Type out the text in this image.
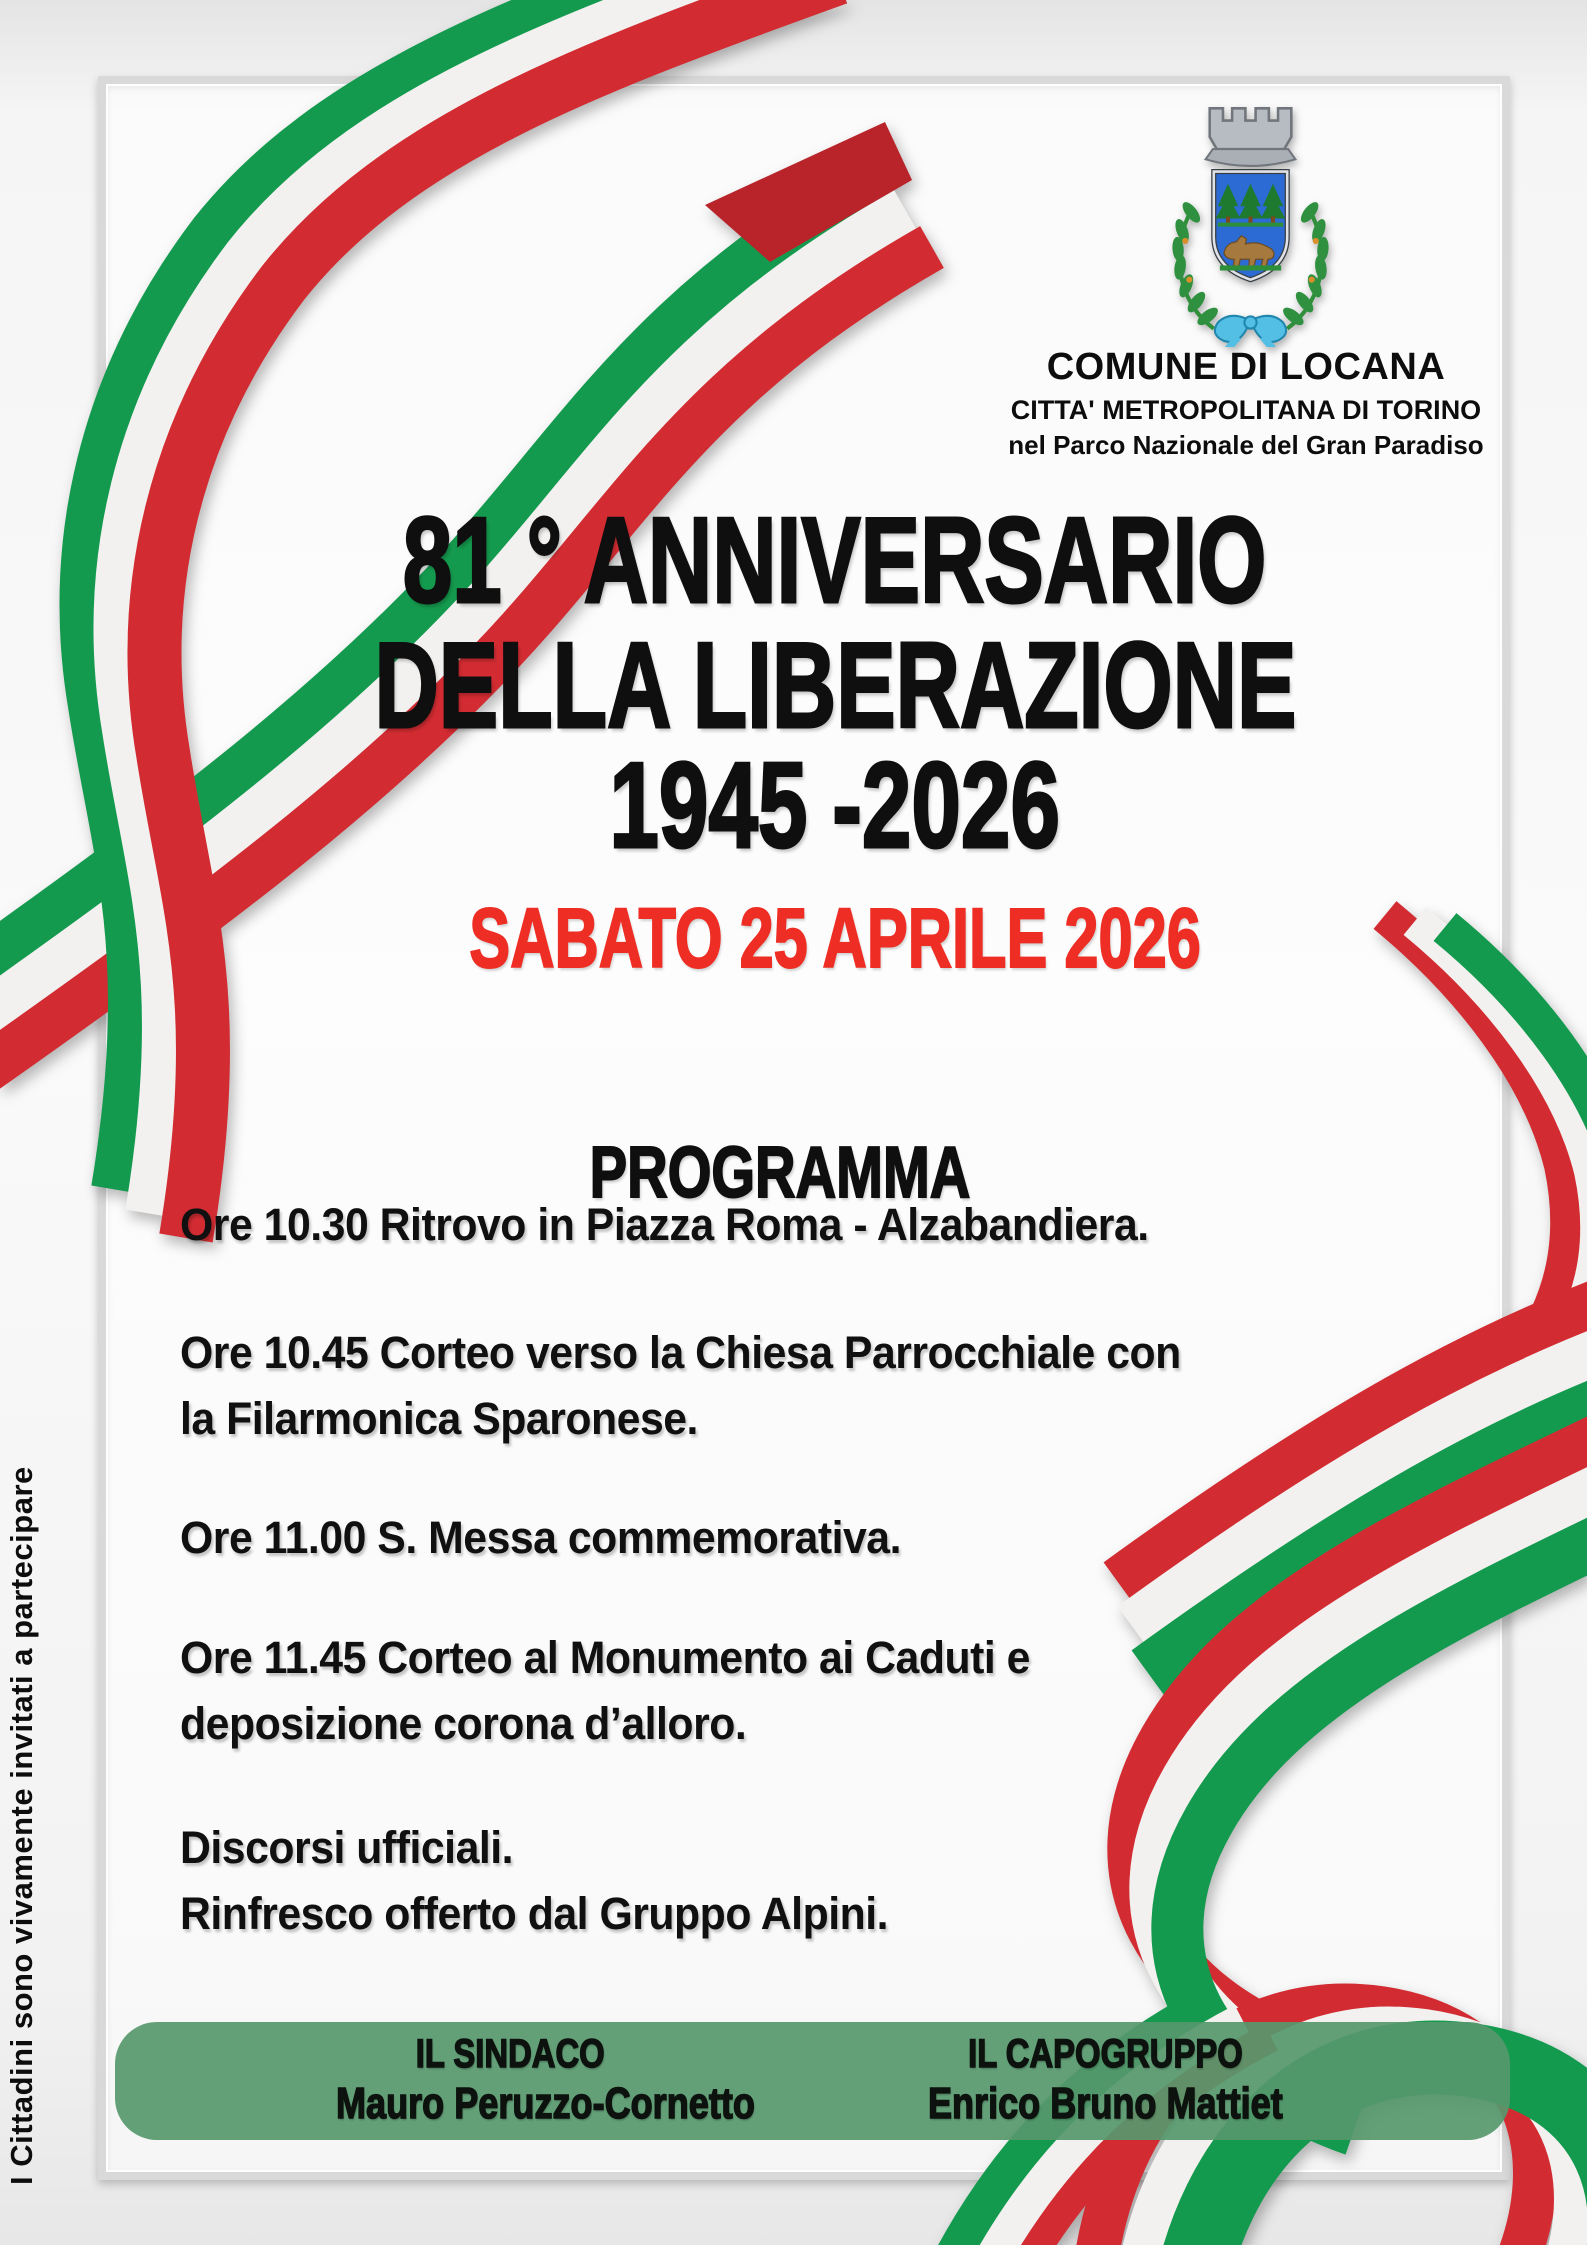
COMUNE DI LOCANA
CITTA' METROPOLITANA DI TORINO
nel Parco Nazionale del Gran Paradiso
81 ° ANNIVERSARIO
DELLA LIBERAZIONE
1945 -2026
SABATO 25 APRILE 2026
PROGRAMMA
Ore 10.30 Ritrovo in Piazza Roma - Alzabandiera.
Ore 10.45 Corteo verso la Chiesa Parrocchiale con
la Filarmonica Sparonese.
Ore 11.00 S. Messa commemorativa.
Ore 11.45 Corteo al Monumento ai Caduti e
deposizione corona d’alloro.
Discorsi ufficiali.
Rinfresco offerto dal Gruppo Alpini.
IL SINDACO
Mauro Peruzzo-Cornetto
IL CAPOGRUPPO
Enrico Bruno Mattiet
I Cittadini sono vivamente invitati a partecipare
